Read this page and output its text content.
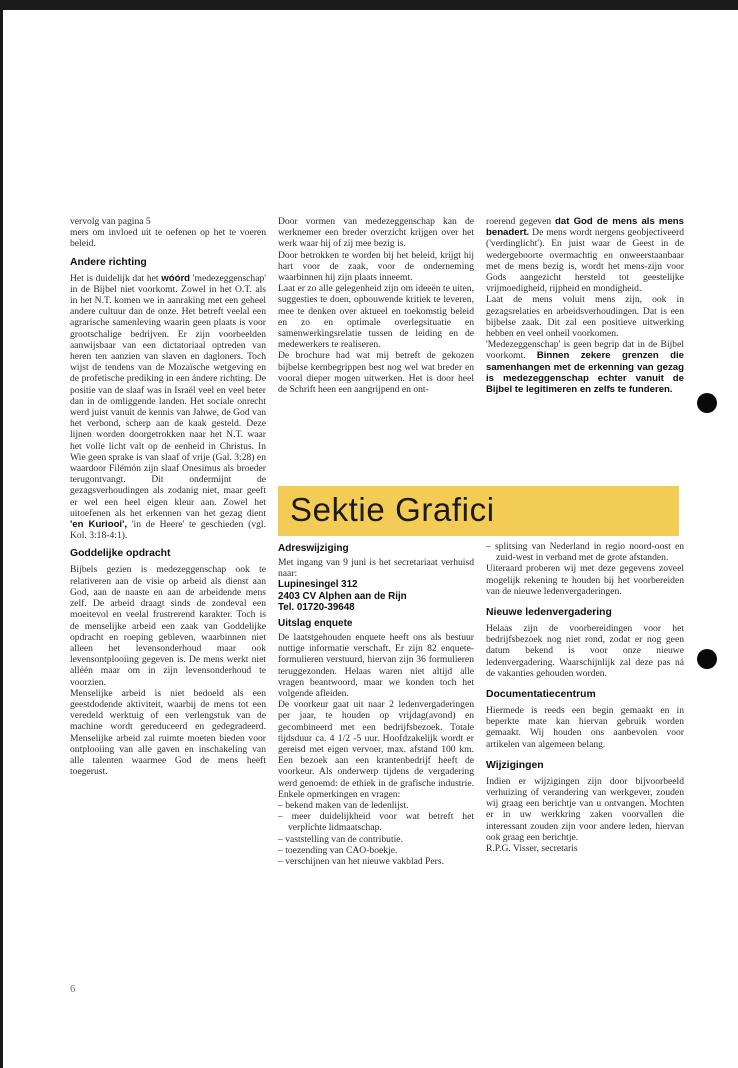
vervolg van pagina 5

mers om invloed uit te oefenen op het te voeren beleid.

Andere richting

Het is duidelijk dat het wóórd 'medezeggenschap' in de Bijbel niet voorkomt. Zowel in het O.T. als in het N.T. komen we in aanraking met een geheel andere cultuur dan de onze. Het betreft veelal een agrarische samenleving waarin geen plaats is voor grootschalige bedrijven. Er zijn voorbeelden aanwijsbaar van een dictatoriaal optreden van heren ten aanzien van slaven en dagloners. Toch wijst de tendens van de Mozaïsche wetgeving en de profetische prediking in een ándere richting. De positie van de slaaf was in Israël veel en veel beter dan in de omliggende landen. Het sociale onrecht werd juist vanuit de kennis van Jahwe, de God van het verbond, scherp aan de kaak gesteld. Deze lijnen worden doorgetrokken naar het N.T. waar het volle licht valt op de eenheid in Christus. In Wie geen sprake is van slaaf of vrije (Gal. 3:28) en waardoor Filémón zijn slaaf Onesimus als broeder terugontvangt. Dit ondermijnt de gezagsverhoudingen als zodanig niet, maar geeft er wel een heel eigen kleur aan. Zowel het uitoefenen als het erkennen van het gezag dient 'en Kuriooi', 'in de Heere' te geschieden (vgl. Kol. 3:18-4:1).

Goddelijke opdracht

Bijbels gezien is medezeggenschap ook te relativeren aan de visie op arbeid als dienst aan God, aan de naaste en aan de arbeidende mens zelf. De arbeid draagt sinds de zondeval een moeitevol en veelal frustrerend karakter. Toch is de menselijke arbeid een zaak van Goddelijke opdracht en roeping gebleven, waarbinnen niet alleen het levensonderhoud maar ook levensontplooiing gegeven is. De mens werkt niet alléén maar om in zijn levensonderhoud te voorzien.

Menselijke arbeid is niet bedoeld als een geestdodende aktiviteit, waarbij de mens tot een veredeld werktuig of een verlengstuk van de machine wordt gereduceerd en gedegradeerd. Menselijke arbeid zal ruimte moeten bieden voor ontplooiing van alle gaven en inschakeling van alle talenten waarmee God de mens heeft toegerust.

Door vormen van medezeggenschap kan de werknemer een breder overzicht krijgen over het werk waar hij of zij mee bezig is.

Door betrokken te worden bij het beleid, krijgt hij hart voor de zaak, voor de onderneming waarbinnen hij zijn plaats inneemt.

Laat er zo alle gelegenheid zijn om ideeën te uiten, suggesties te doen, opbouwende kritiek te leveren, mee te denken over aktueel en toekomstig beleid en zo en optimale overlegsituatie en samenwerkingsrelatie tussen de leiding en de medewerkers te realiseren.

De brochure had wat mij betreft de gekozen bijbelse kernbegrippen best nog wel wat breder en vooral dieper mogen uitwerken. Het is door heel de Schrift heen een aangrijpend en ont-

roerend gegeven dat God de mens als mens benadert. De mens wordt nergens geobjectiveerd ('verdinglicht'). En juist waar de Geest in de wedergeboorte overmachtig en onweerstaanbaar met de mens bezig is, wordt het mens-zijn voor Gods aangezicht hersteld tot geestelijke vrijmoedigheid, rijpheid en mondigheid.

Laat de mens voluit mens zijn, ook in gezagsrelaties en arbeidsverhoudingen. Dat is een bijbelse zaak. Dit zal een positieve uitwerking hebben en veel onheil voorkomen.

'Medezeggenschap' is geen begrip dat in de Bijbel voorkomt. Binnen zekere grenzen die samenhangen met de erkenning van gezag is medezeggenschap echter vanuit de Bijbel te legitimeren en zelfs te funderen.

Sektie Grafici
Adreswijziging

Met ingang van 9 juni is het secretariaat verhuisd naar:

Lupinesingel 312
2403 CV Alphen aan de Rijn
Tel. 01720-39648
Uitslag enquete

De laatstgehouden enquete heeft ons als bestuur nuttige informatie verschaft. Er zijn 82 enquete-formulieren verstuurd, hiervan zijn 36 formulieren teruggezonden. Helaas waren niet altijd alle vragen beantwoord, maar we konden toch het volgende afleiden.

De voorkeur gaat uit naar 2 ledenvergaderingen per jaar, te houden op vrijdag(avond) en gecombineerd met een bedrijfsbezoek. Totale tijdsduur ca. 4 1/2 -5 uur. Hoofdzakelijk wordt er gereisd met eigen vervoer, max. afstand 100 km. Een bezoek aan een krantenbedrijf heeft de voorkeur. Als onderwerp tijdens de vergadering werd genoemd: de ethiek in de grafische industrie. Enkele opmerkingen en vragen:

– bekend maken van de ledenlijst.
– meer duidelijkheid voor wat betreft het verplichte lidmaatschap.
– vaststelling van de contributie.
– toezending van CAO-boekje.
– verschijnen van het nieuwe vakblad Pers.
– splitsing van Nederland in regio noord-oost en zuid-west in verband met de grote afstanden.

Uiteraard proberen wij met deze gegevens zoveel mogelijk rekening te houden bij het voorbereiden van de nieuwe ledenvergaderingen.

Nieuwe ledenvergadering

Helaas zijn de voorbereidingen voor het bedrijfsbezoek nog niet rond, zodat er nog geen datum bekend is voor onze nieuwe ledenvergadering. Waarschijnlijk zal deze pas ná de vakanties gehouden worden.

Documentatiecentrum

Hiermede is reeds een begin gemaakt en in beperkte mate kan hiervan gebruik worden gemaakt. Wij houden ons aanbevolen voor artikelen van algemeen belang.

Wijzigingen

Indien er wijzigingen zijn door bijvoorbeeld verhuizing of verandering van werkgever, zouden wij graag een berichtje van u ontvangen. Mochten er in uw werkkring zaken voorvallen die interessant zouden zijn voor andere leden, hiervan ook graag een berichtje.

R.P.G. Visser, secretaris

6
